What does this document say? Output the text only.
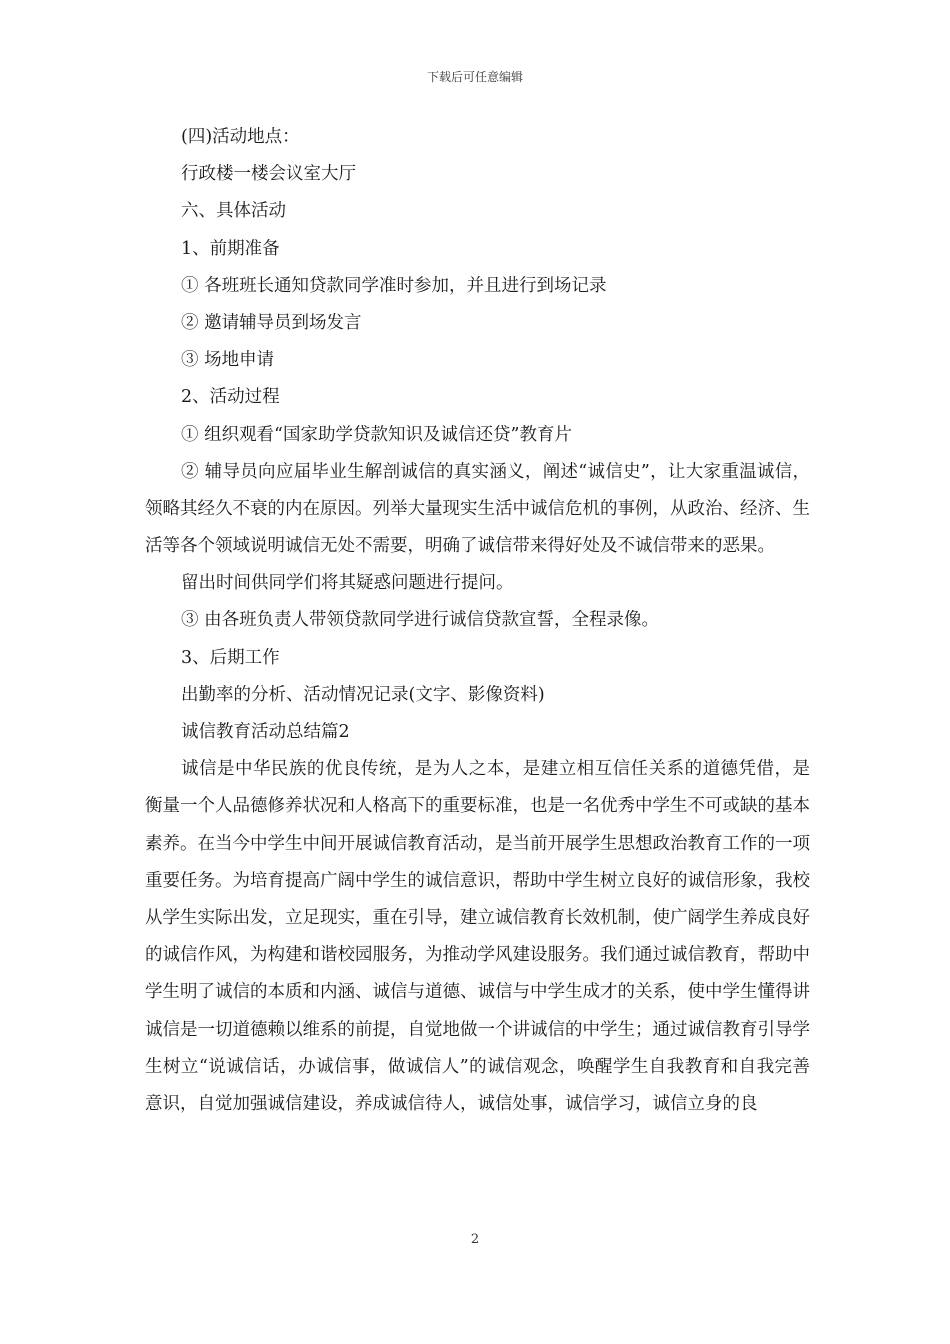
下载后可任意编辑
(四)活动地点：
行政楼一楼会议室大厅
六、具体活动
1、前期准备
① 各班班长通知贷款同学准时参加，并且进行到场记录
② 邀请辅导员到场发言
③ 场地申请
2、活动过程
① 组织观看“国家助学贷款知识及诚信还贷”教育片
② 辅导员向应届毕业生解剖诚信的真实涵义，阐述“诚信史”，让大家重温诚信，领略其经久不衰的内在原因。列举大量现实生活中诚信危机的事例，从政治、经济、生活等各个领域说明诚信无处不需要，明确了诚信带来得好处及不诚信带来的恶果。
留出时间供同学们将其疑惑问题进行提问。
③ 由各班负责人带领贷款同学进行诚信贷款宣誓，全程录像。
3、后期工作
出勤率的分析、活动情况记录(文字、影像资料)
诚信教育活动总结篇2
诚信是中华民族的优良传统，是为人之本，是建立相互信任关系的道德凭借，是衡量一个人品德修养状况和人格高下的重要标准，也是一名优秀中学生不可或缺的基本素养。在当今中学生中间开展诚信教育活动，是当前开展学生思想政治教育工作的一项重要任务。为培育提高广阔中学生的诚信意识，帮助中学生树立良好的诚信形象，我校从学生实际出发，立足现实，重在引导，建立诚信教育长效机制，使广阔学生养成良好的诚信作风，为构建和谐校园服务，为推动学风建设服务。我们通过诚信教育，帮助中学生明了诚信的本质和内涵、诚信与道德、诚信与中学生成才的关系，使中学生懂得讲诚信是一切道德赖以维系的前提，自觉地做一个讲诚信的中学生；通过诚信教育引导学生树立“说诚信话，办诚信事，做诚信人”的诚信观念，唤醒学生自我教育和自我完善意识，自觉加强诚信建设，养成诚信待人，诚信处事，诚信学习，诚信立身的良
2
